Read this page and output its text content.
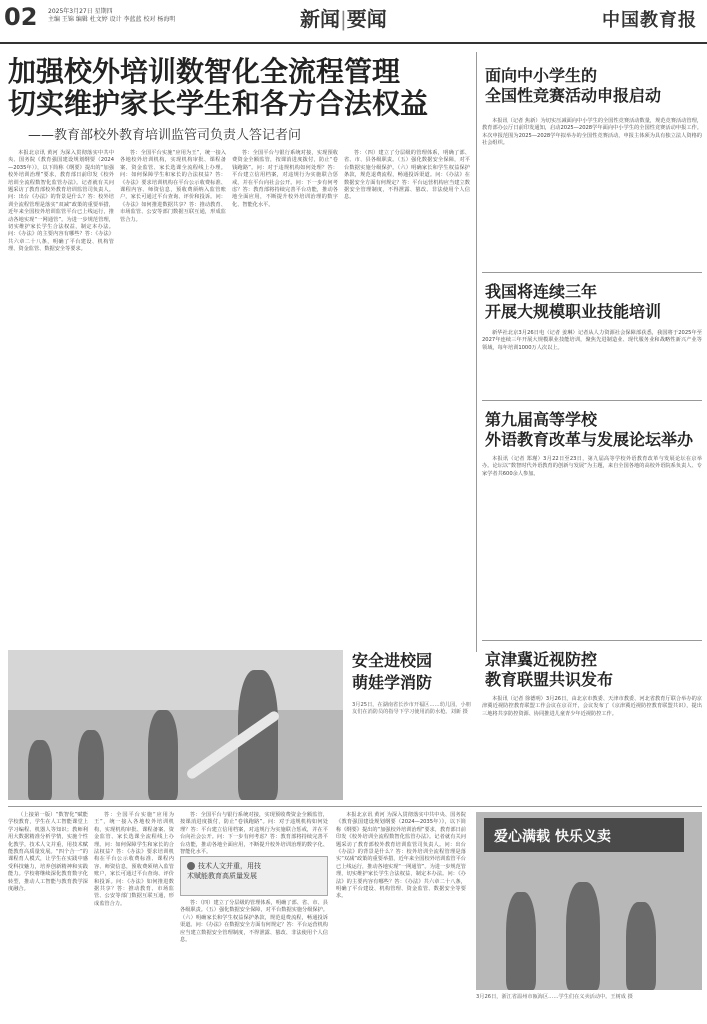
02 2025年3月27日 星期四
主编 王锦 编辑 杜文婷 设计 李蓝蓝 校对 杨海明	新闻|要闻	中国教育报
加强校外培训数智化全流程管理
切实维护家长学生和各方合法权益
——教育部校外教育培训监管司负责人答记者问

本报北京讯 黄河 为深入贯彻落实中共中央、国务院《教育强国建设规划纲要（2024—2035年）》，以下简称《纲要》提出的“加强校外培训治理”要求，教育部日前印发《校外培训全流程数智化监管办法》。记者就有关问题采访了教育部校外教育培训监管司负责人。问：出台《办法》的背景是什么？答：校外培训全流程管理是落实“双减”政策的重要举措，近年来全国校外培训监管平台已上线运行，推动各地实现“一网通管”。为进一步规范管理，切实维护家长学生合法权益，制定本办法。问：《办法》的主要内容有哪些？答：《办法》共六章二十八条，明确了平台建设、机构管理、资金监管、数据安全等要求。

答：全国平台实施“应用为王”，统一接入各地校外培训机构，实现机构审批、课程备案、资金监管、家长选课全流程线上办理。问：如何保障学生和家长的合法权益？答：《办法》要求培训机构在平台公示收费标准、课程内容、师资信息，预收费须纳入监管账户，家长可通过平台查询、评价和投诉。问：《办法》如何推进数据共享？答：推动教育、市场监管、公安等部门数据互联互通，形成监管合力。

答：全国平台与银行系统对接，实现预收费资金全额监管，按课消进度拨付，防止“卷钱跑路”。问：对于违规机构如何处理？答：平台建立信用档案，对违规行为实施联合惩戒，并在平台向社会公开。问：下一步有何考虑？答：教育部将持续完善平台功能，推动各地全面应用，不断提升校外培训治理的数字化、智能化水平。

答：（四）建立了分层级的管理体系，明确了部、省、市、县各级职责。（五）强化数据安全保障，对平台数据实施分级保护。（六）明确家长和学生权益保护条款，规范退费流程，畅通投诉渠道。问：《办法》在数据安全方面有何规定？答：平台运营机构应当建立数据安全管理制度，不得泄露、篡改、非法使用个人信息。

面向中小学生的
全国性竞赛活动申报启动

本报讯（记者 焦新）为切实压减面向中小学生的全国性竞赛活动数量，规范竞赛活动管理，教育部办公厅日前印发通知，启动2025—2028学年面向中小学生的全国性竞赛活动申报工作。本次申报范围为2025—2028学年拟举办的全国性竞赛活动，申报主体须为具有独立法人资格的社会组织。

我国将连续三年
开展大规模职业技能培训

新华社北京3月26日电（记者 姜琳）记者从人力资源社会保障部获悉，我国将于2025年至2027年连续三年开展大规模职业技能培训，聚焦先进制造业、现代服务业和战略性新兴产业等领域，每年培训1000万人次以上。

第九届高等学校
外语教育改革与发展论坛举办

本报讯（记者 郑瑾）3月22日至23日，第九届高等学校外语教育改革与发展论坛在京举办。论坛以“数智时代外语教育的创新与发展”为主题，来自全国各地的高校外语院系负责人、专家学者共600余人参加。

京津冀近视防控
教育联盟共识发布

本报讯（记者 徐德明）3月26日，由北京市教委、天津市教委、河北省教育厅联合举办的京津冀近视防控教育联盟工作会议在京召开，会议发布了《京津冀近视防控教育联盟共识》，提出三地将共享防控资源、协同推进儿童青少年近视防控工作。

安全进校园
萌娃学消防
3月25日，在湖南省长沙市开福区……幼儿园，小朋友们在消防员的指导下学习使用消防水枪。刘新 摄

（上接第一版）“数智化”赋能学校教育，学生在人工智能课堂上学习编程、机器人等知识；教师利用大数据精准分析学情，实施个性化教学。技术人文并重，用技术赋能教育高质量发展。“四个合一”的课程育人模式，让学生在实践中感受科技魅力，培养创新精神和实践能力。学校将继续深化教育数字化转型，推动人工智能与教育教学深度融合。

答：全国平台实施“应用为王”，统一接入各地校外培训机构，实现机构审批、课程备案、资金监管、家长选课全流程线上办理。问：如何保障学生和家长的合法权益？答：《办法》要求培训机构在平台公示收费标准、课程内容、师资信息，预收费须纳入监管账户，家长可通过平台查询、评价和投诉。问：《办法》如何推进数据共享？答：推动教育、市场监管、公安等部门数据互联互通，形成监管合力。

答：全国平台与银行系统对接，实现预收费资金全额监管，按课消进度拨付，防止“卷钱跑路”。问：对于违规机构如何处理？答：平台建立信用档案，对违规行为实施联合惩戒，并在平台向社会公开。问：下一步有何考虑？答：教育部将持续完善平台功能，推动各地全面应用，不断提升校外培训治理的数字化、智能化水平。

技术人文并重，用技
术赋能教育高质量发展

答：（四）建立了分层级的管理体系，明确了部、省、市、县各级职责。（五）强化数据安全保障，对平台数据实施分级保护。（六）明确家长和学生权益保护条款，规范退费流程，畅通投诉渠道。问：《办法》在数据安全方面有何规定？答：平台运营机构应当建立数据安全管理制度，不得泄露、篡改、非法使用个人信息。

本报北京讯 黄河 为深入贯彻落实中共中央、国务院《教育强国建设规划纲要（2024—2035年）》，以下简称《纲要》提出的“加强校外培训治理”要求，教育部日前印发《校外培训全流程数智化监管办法》。记者就有关问题采访了教育部校外教育培训监管司负责人。问：出台《办法》的背景是什么？答：校外培训全流程管理是落实“双减”政策的重要举措，近年来全国校外培训监管平台已上线运行，推动各地实现“一网通管”。为进一步规范管理，切实维护家长学生合法权益，制定本办法。问：《办法》的主要内容有哪些？答：《办法》共六章二十八条，明确了平台建设、机构管理、资金监管、数据安全等要求。

爱心满载 快乐义卖
3月26日，浙江省温州市瓯海区……学生们在义卖活动中。王树成 摄
